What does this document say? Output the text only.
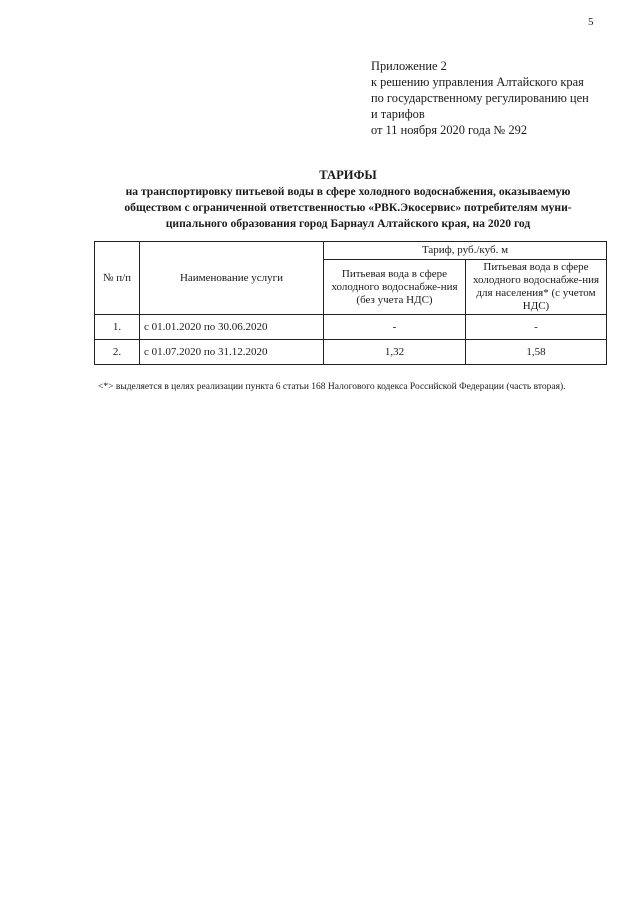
5
Приложение 2
к решению управления Алтайского края
по государственному регулированию цен
и тарифов
от 11 ноября 2020 года № 292
ТАРИФЫ
на транспортировку питьевой воды в сфере холодного водоснабжения, оказываемую
обществом с ограниченной ответственностью «РВК.Экосервис» потребителям муни-
ципального образования город Барнаул Алтайского края, на 2020 год
№ п/п	Наименование услуги	Тариф, руб./куб. м	
		Питьевая вода в сфере холодного водоснабже-ния (без учета НДС)	Питьевая вода в сфере холодного водоснабже-ния для населения* (с учетом НДС)
1.	с 01.01.2020 по 30.06.2020	-	-
2.	с 01.07.2020 по 31.12.2020	1,32	1,58
<*> выделяется в целях реализации пункта 6 статьи 168 Налогового кодекса Российской Федерации (часть вторая).
